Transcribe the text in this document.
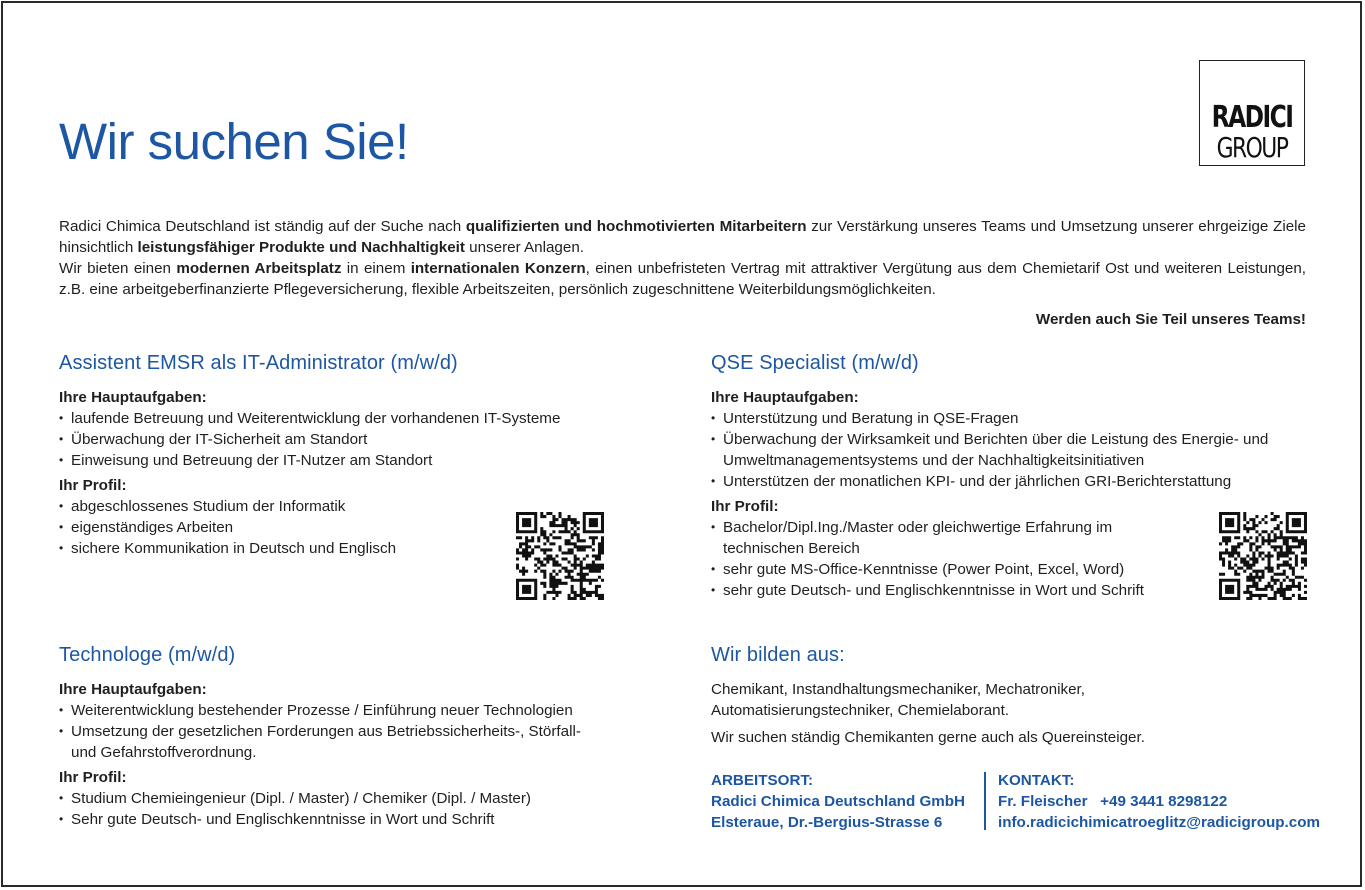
RADICI
GROUP
Wir suchen Sie!

Radici Chimica Deutschland ist ständig auf der Suche nach qualifizierten und hochmotivierten Mitarbeitern zur Verstärkung unseres Teams und Umsetzung unserer ehrgeizige Ziele hinsichtlich leistungsfähiger Produkte und Nachhaltigkeit unserer Anlagen.

Wir bieten einen modernen Arbeitsplatz in einem internationalen Konzern, einen unbefristeten Vertrag mit attraktiver Vergütung aus dem Chemietarif Ost und weiteren Leistungen, z.B. eine arbeitgeberfinanzierte Pflegeversicherung, flexible Arbeitszeiten, persönlich zugeschnittene Weiterbildungsmöglichkeiten.

Werden auch Sie Teil unseres Teams!
Assistent EMSR als IT-Administrator (m/w/d)
Ihre Hauptaufgaben:
• laufende Betreuung und Weiterentwicklung der vorhandenen IT-Systeme
• Überwachung der IT-Sicherheit am Standort
• Einweisung und Betreuung der IT-Nutzer am Standort
Ihr Profil:
• abgeschlossenes Studium der Informatik
• eigenständiges Arbeiten
• sichere Kommunikation in Deutsch und Englisch
QSE Specialist (m/w/d)
Ihre Hauptaufgaben:
• Unterstützung und Beratung in QSE-Fragen
• Überwachung der Wirksamkeit und Berichten über die Leistung des Energie- und Umweltmanagementsystems und der Nachhaltigkeitsinitiativen
• Unterstützen der monatlichen KPI- und der jährlichen GRI-Berichterstattung
Ihr Profil:
• Bachelor/Dipl.Ing./Master oder gleichwertige Erfahrung im technischen Bereich
• sehr gute MS-Office-Kenntnisse (Power Point, Excel, Word)
• sehr gute Deutsch- und Englischkenntnisse in Wort und Schrift
Technologe (m/w/d)
Ihre Hauptaufgaben:
• Weiterentwicklung bestehender Prozesse / Einführung neuer Technologien
• Umsetzung der gesetzlichen Forderungen aus Betriebssicherheits-, Störfall- und Gefahrstoffverordnung.
Ihr Profil:
• Studium Chemieingenieur (Dipl. / Master) / Chemiker (Dipl. / Master)
• Sehr gute Deutsch- und Englischkenntnisse in Wort und Schrift
Wir bilden aus:

Chemikant, Instandhaltungsmechaniker, Mechatroniker,

Automatisierungstechniker, Chemielaborant.

Wir suchen ständig Chemikanten gerne auch als Quereinsteiger.

ARBEITSORT:
Radici Chimica Deutschland GmbH
Elsteraue, Dr.-Bergius-Strasse 6
KONTAKT:
Fr. Fleischer +49 3441 8298122
info.radicichimicatroeglitz@radicigroup.com
